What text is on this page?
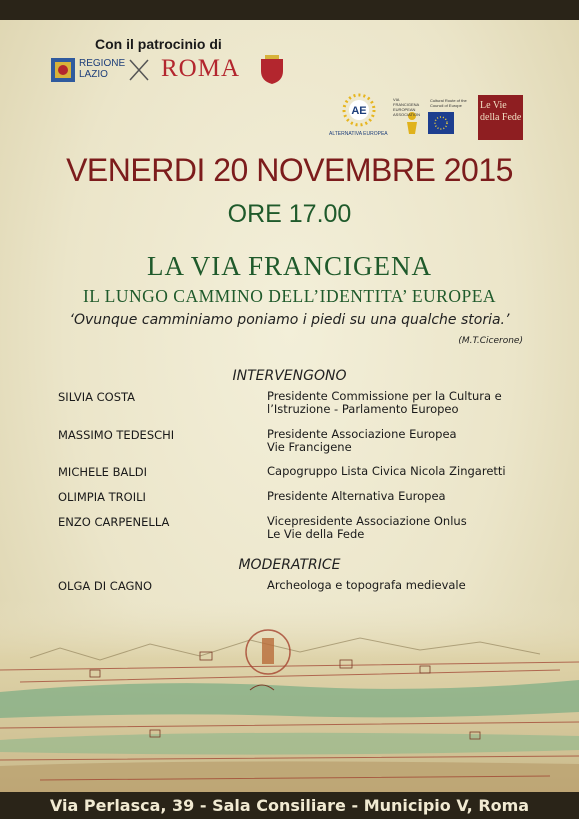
Con il patrocinio di
REGIONE LAZIO	ROMA
AE
ALTERNATIVA EUROPEA
VIA FRANCIGENA EUROPEAN ASSOCIATION
Cultural Route of the Council of Europe	Le Vie della Fede
VENERDI 20 NOVEMBRE 2015
ORE 17.00
LA VIA FRANCIGENA
IL LUNGO CAMMINO DELL’IDENTITA’ EUROPEA
‘Ovunque camminiamo poniamo i piedi su una qualche storia.’
(M.T.Cicerone)
INTERVENGONO
SILVIA COSTA	Presidente Commissione per la Cultura e
l’Istruzione - Parlamento Europeo
MASSIMO TEDESCHI	Presidente Associazione Europea
Vie Francigene
MICHELE BALDI	Capogruppo Lista Civica Nicola Zingaretti
OLIMPIA TROILI	Presidente Alternativa Europea
ENZO CARPENELLA	Vicepresidente Associazione Onlus
Le Vie della Fede
MODERATRICE
OLGA DI CAGNO	Archeologa e topografa medievale
Via Perlasca, 39 - Sala Consiliare - Municipio V, Roma
